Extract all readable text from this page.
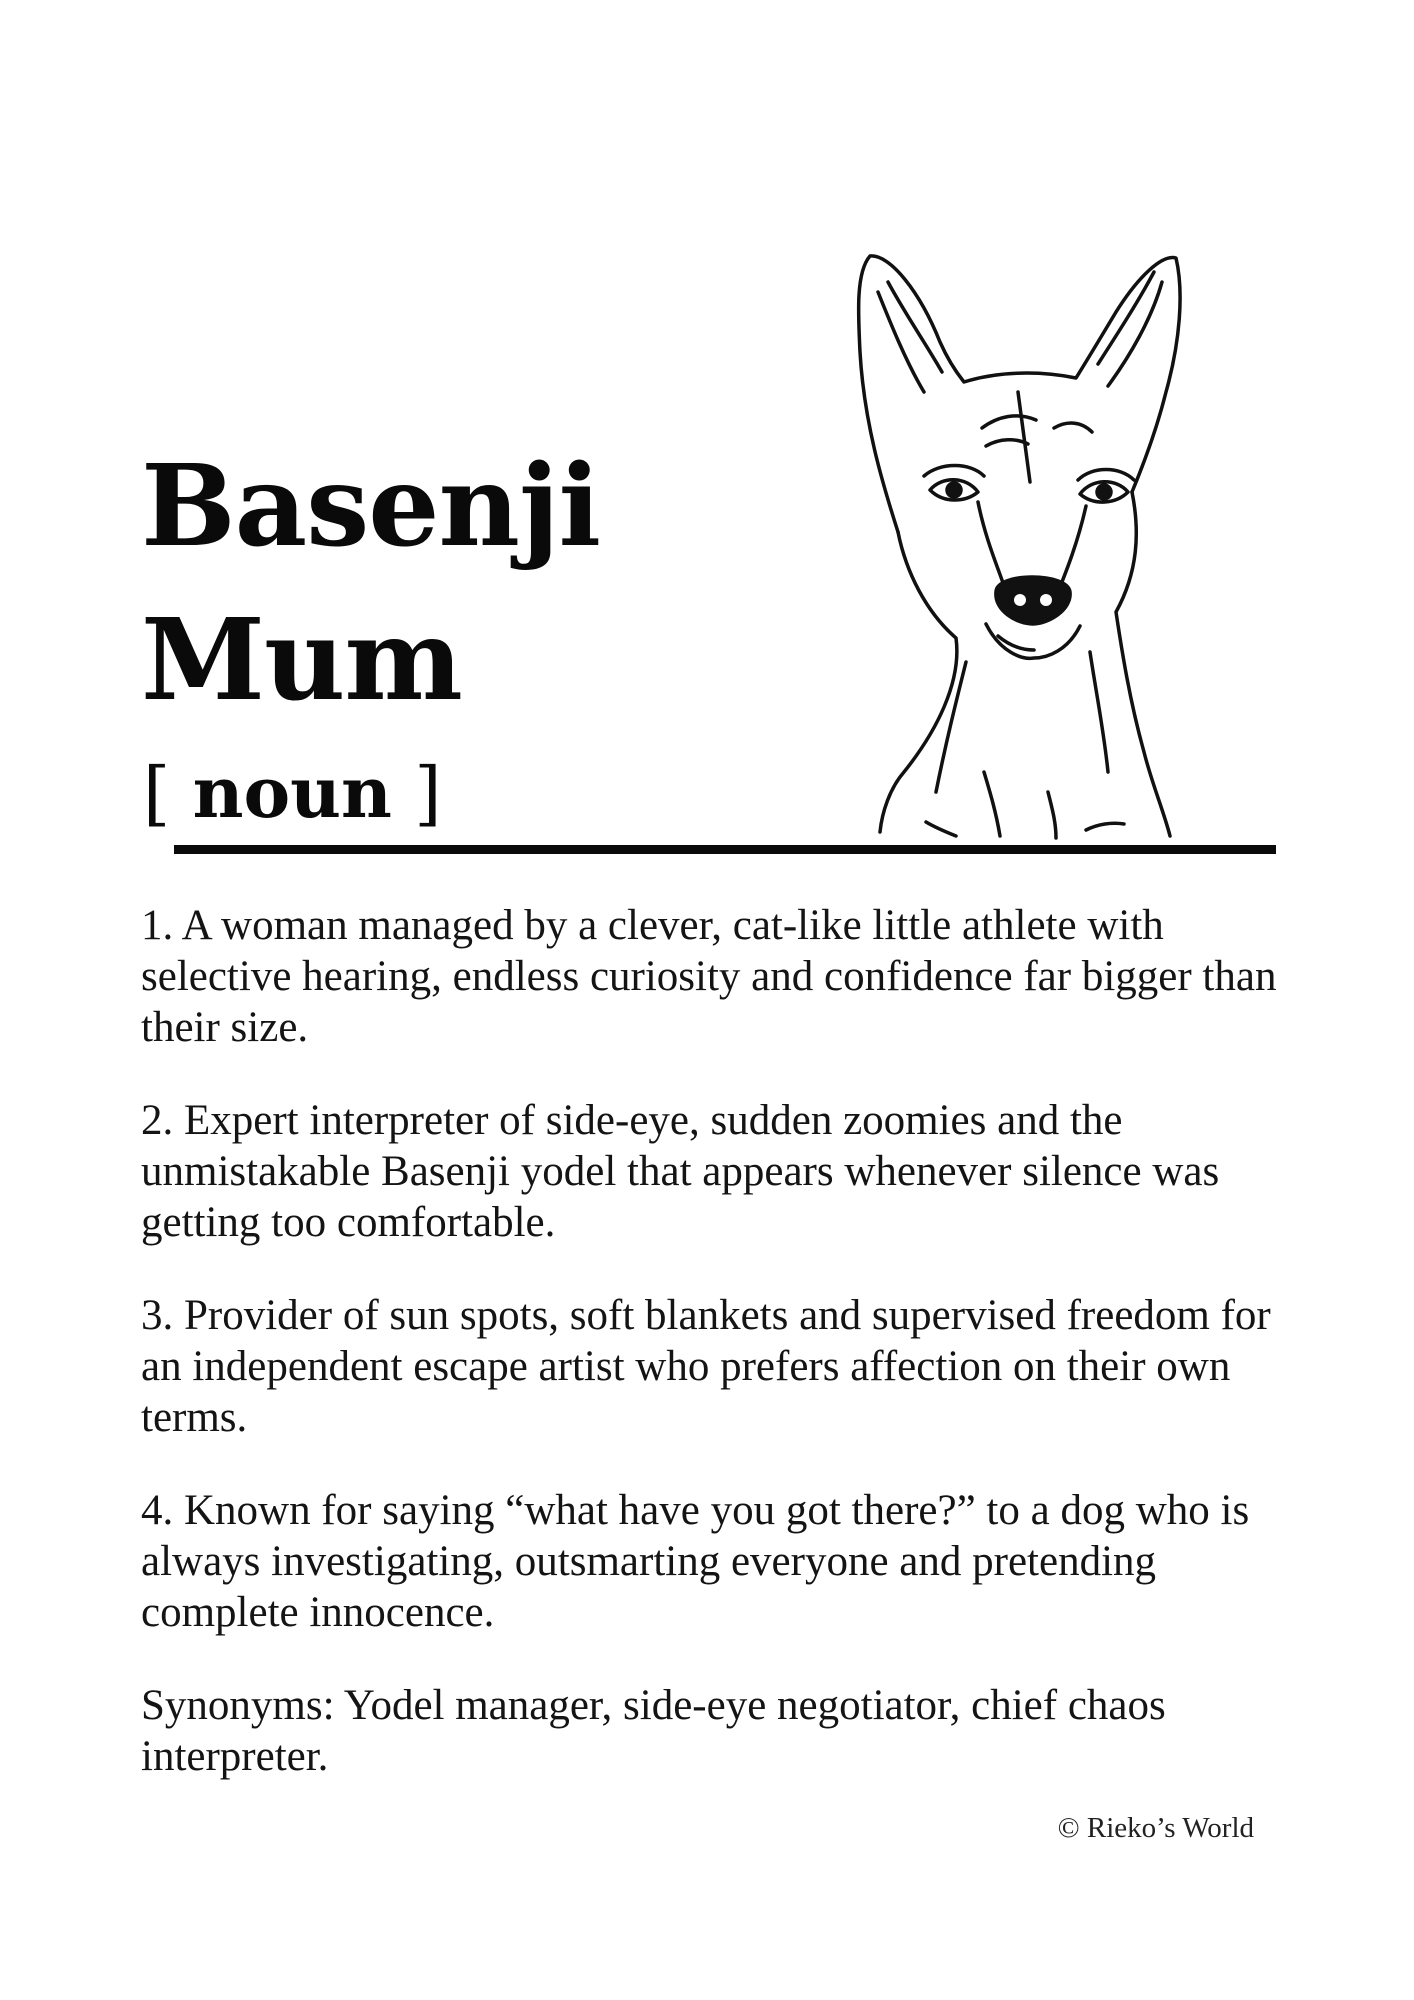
Basenji
Mum
[ noun ]

1. A woman managed by a clever, cat-like little athlete with selective hearing, endless curiosity and confidence far bigger than their size.

2. Expert interpreter of side-eye, sudden zoomies and the unmistakable Basenji yodel that appears whenever silence was getting too comfortable.

3. Provider of sun spots, soft blankets and supervised freedom for an independent escape artist who prefers affection on their own terms.

4. Known for saying “what have you got there?” to a dog who is always investigating, outsmarting everyone and pretending complete innocence.

Synonyms: Yodel manager, side-eye negotiator, chief chaos interpreter.

© Rieko’s World
